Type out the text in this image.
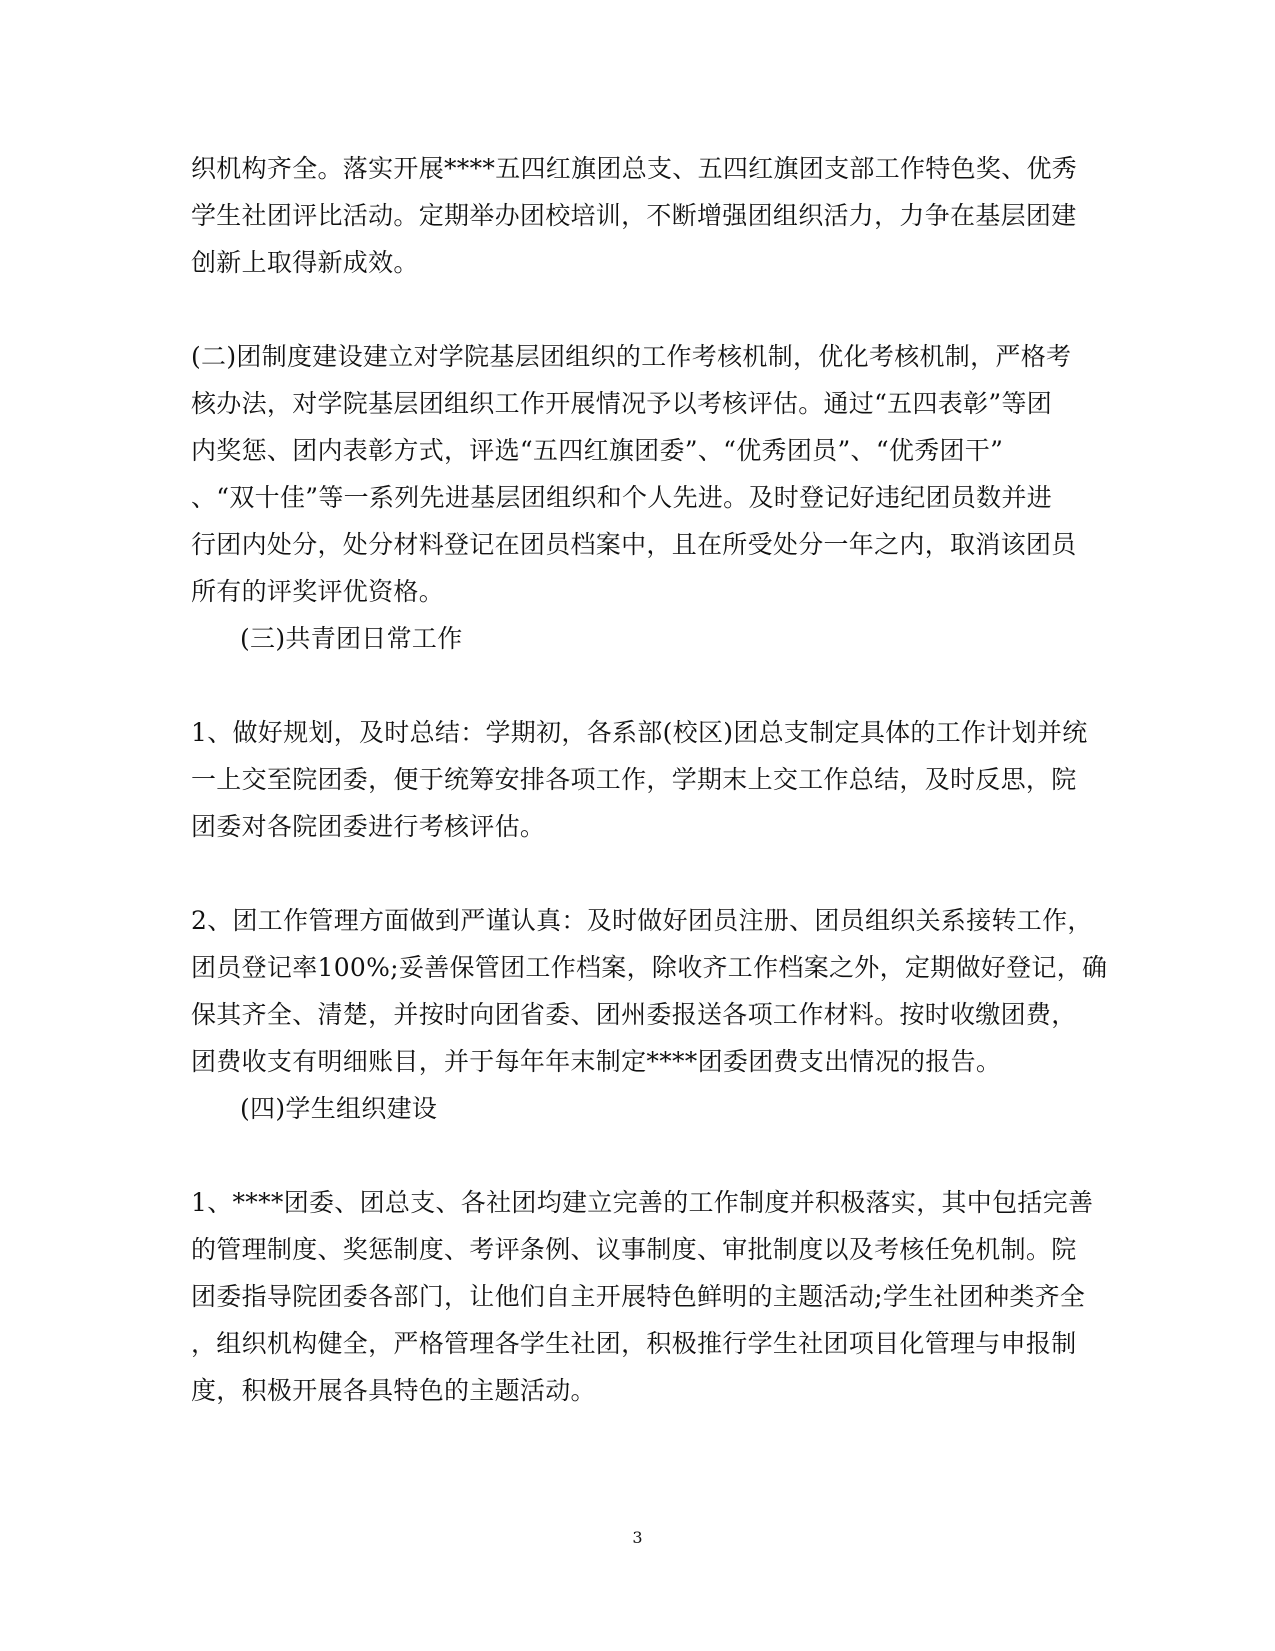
织机构齐全。落实开展****五四红旗团总支、五四红旗团支部工作特色奖、优秀
学生社团评比活动。定期举办团校培训，不断增强团组织活力，力争在基层团建
创新上取得新成效。
(二)团制度建设建立对学院基层团组织的工作考核机制，优化考核机制，严格考
核办法，对学院基层团组织工作开展情况予以考核评估。通过“五四表彰”等团
内奖惩、团内表彰方式，评选“五四红旗团委”、“优秀团员”、“优秀团干”
、“双十佳”等一系列先进基层团组织和个人先进。及时登记好违纪团员数并进
行团内处分，处分材料登记在团员档案中，且在所受处分一年之内，取消该团员
所有的评奖评优资格。
(三)共青团日常工作
1、做好规划，及时总结：学期初，各系部(校区)团总支制定具体的工作计划并统
一上交至院团委，便于统筹安排各项工作，学期末上交工作总结，及时反思，院
团委对各院团委进行考核评估。
2、团工作管理方面做到严谨认真：及时做好团员注册、团员组织关系接转工作，
团员登记率100%;妥善保管团工作档案，除收齐工作档案之外，定期做好登记，确
保其齐全、清楚，并按时向团省委、团州委报送各项工作材料。按时收缴团费，
团费收支有明细账目，并于每年年末制定****团委团费支出情况的报告。
(四)学生组织建设
1、****团委、团总支、各社团均建立完善的工作制度并积极落实，其中包括完善
的管理制度、奖惩制度、考评条例、议事制度、审批制度以及考核任免机制。院
团委指导院团委各部门，让他们自主开展特色鲜明的主题活动;学生社团种类齐全
，组织机构健全，严格管理各学生社团，积极推行学生社团项目化管理与申报制
度，积极开展各具特色的主题活动。
3
